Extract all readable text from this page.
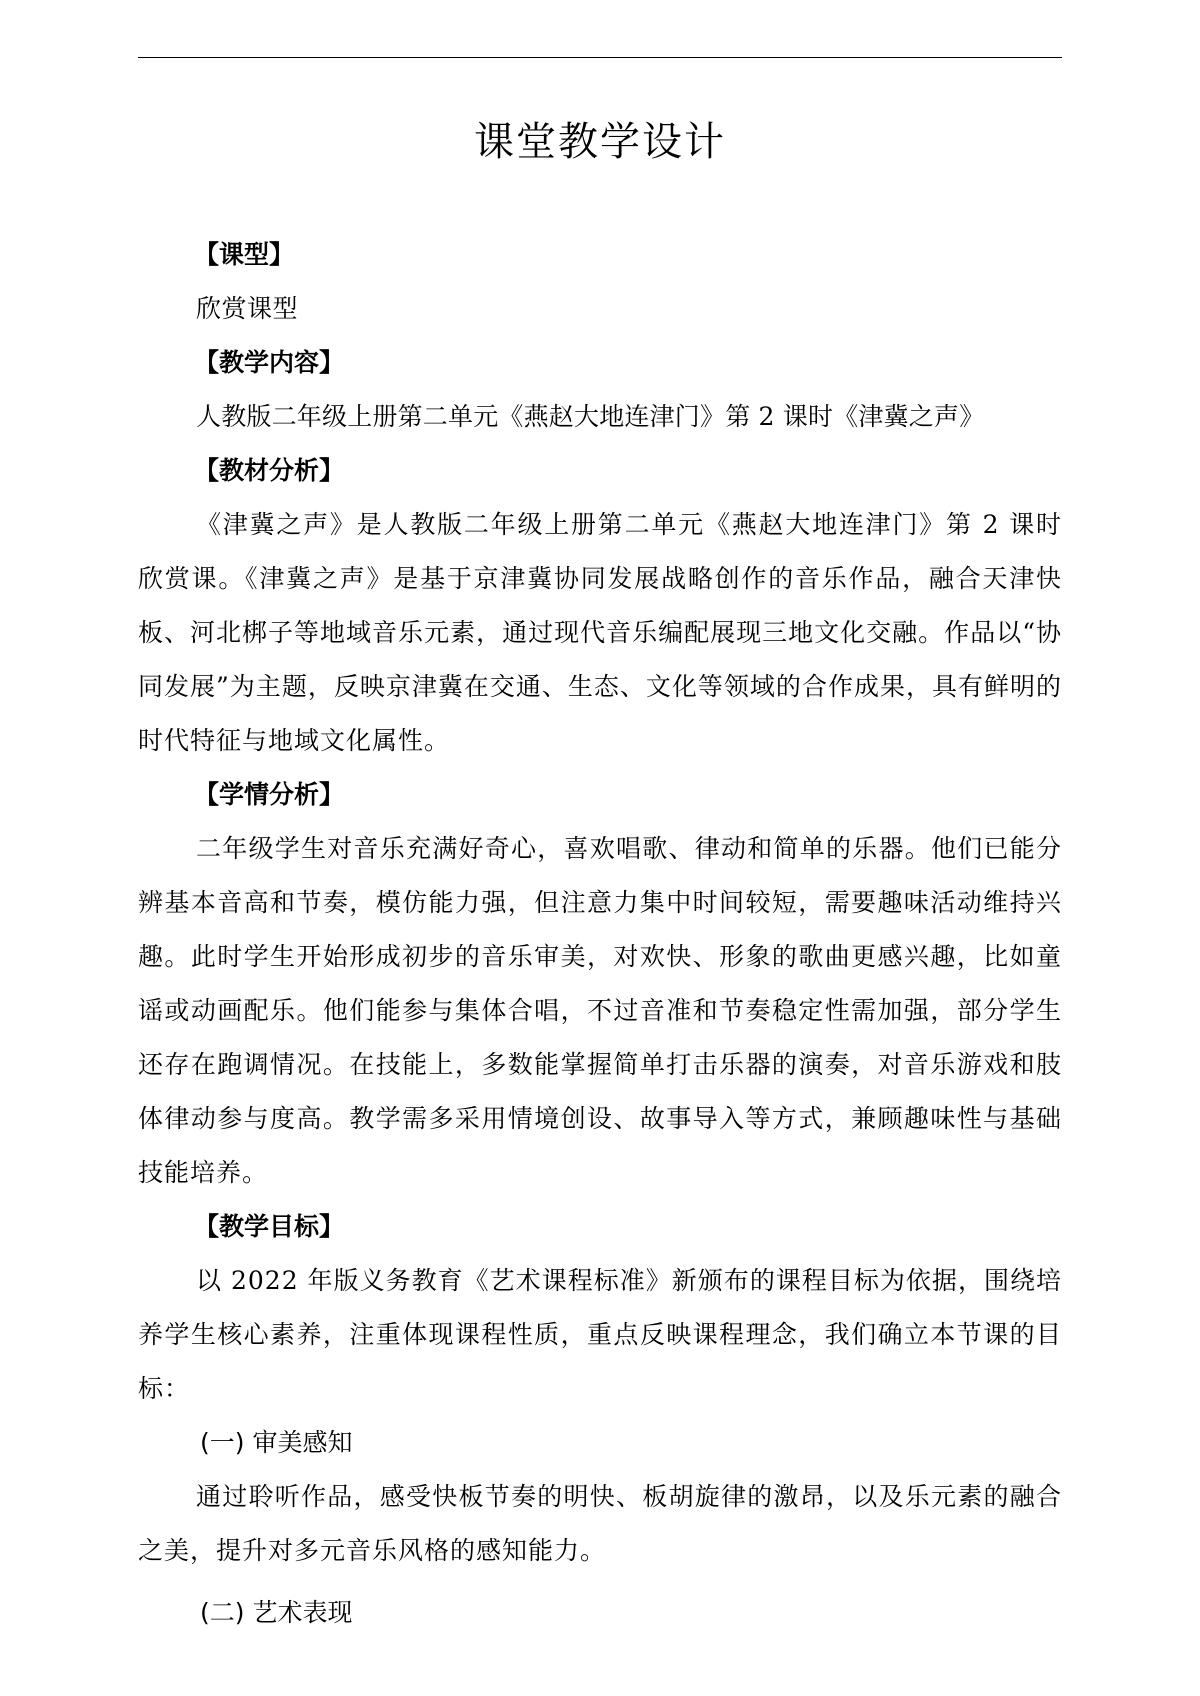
课堂教学设计
【课型】

欣赏课型

【教学内容】

人教版二年级上册第二单元《燕赵大地连津门》第 2 课时《津冀之声》

【教材分析】

《津冀之声》是人教版二年级上册第二单元《燕赵大地连津门》第 2 课时欣赏课。《津冀之声》是基于京津冀协同发展战略创作的音乐作品，融合天津快板、河北梆子等地域音乐元素，通过现代音乐编配展现三地文化交融。作品以“协同发展”为主题，反映京津冀在交通、生态、文化等领域的合作成果，具有鲜明的时代特征与地域文化属性。

【学情分析】

二年级学生对音乐充满好奇心，喜欢唱歌、律动和简单的乐器。他们已能分辨基本音高和节奏，模仿能力强，但注意力集中时间较短，需要趣味活动维持兴趣。此时学生开始形成初步的音乐审美，对欢快、形象的歌曲更感兴趣，比如童谣或动画配乐。他们能参与集体合唱，不过音准和节奏稳定性需加强，部分学生还存在跑调情况。在技能上，多数能掌握简单打击乐器的演奏，对音乐游戏和肢体律动参与度高。教学需多采用情境创设、故事导入等方式，兼顾趣味性与基础技能培养。

【教学目标】

以 2022 年版义务教育《艺术课程标准》新颁布的课程目标为依据，围绕培养学生核心素养，注重体现课程性质，重点反映课程理念，我们确立本节课的目标：

(一) 审美感知

通过聆听作品，感受快板节奏的明快、板胡旋律的激昂，以及乐元素的融合之美，提升对多元音乐风格的感知能力。

(二) 艺术表现
